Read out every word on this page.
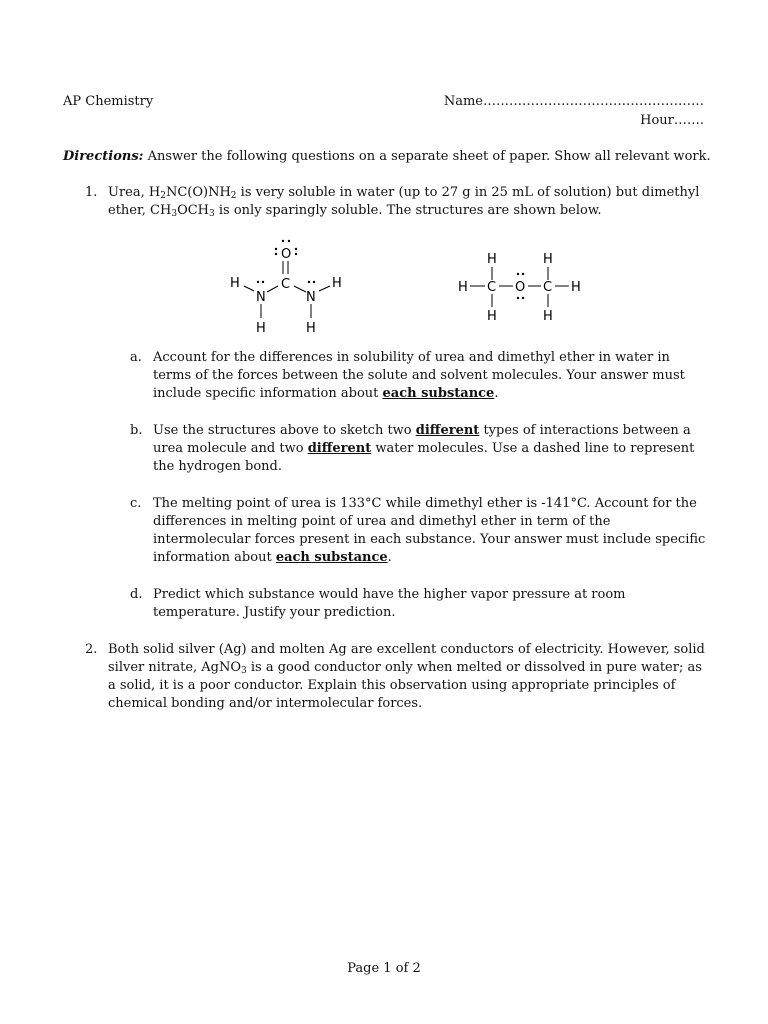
AP Chemistry	Name……………………………………………
Hour…….
Directions: Answer the following questions on a separate sheet of paper. Show all relevant work.
1. Urea, $H_2NC(O)NH_2$ is very soluble in water (up to 27 g in 25 mL of solution) but dimethyl
ether, $CH_3OCH_3$ is only sparingly soluble. The structures are shown below.
O
C
N
H
H
N
H
H
H	H
H C O C H
H	H
a. Account for the differences in solubility of urea and dimethyl ether in water in terms of the forces between the solute and solvent molecules. Your answer must include specific information about each substance.
b. Use the structures above to sketch two different types of interactions between a urea molecule and two different water molecules. Use a dashed line to represent the hydrogen bond.
c. The melting point of urea is 133°C while dimethyl ether is -141°C. Account for the differences in melting point of urea and dimethyl ether in term of the intermolecular forces present in each substance. Your answer must include specific information about each substance.
d. Predict which substance would have the higher vapor pressure at room temperature. Justify your prediction.
2. Both solid silver (Ag) and molten Ag are excellent conductors of electricity. However, solid silver nitrate, AgNO$_3$ is a good conductor only when melted or dissolved in pure water; as a solid, it is a poor conductor. Explain this observation using appropriate principles of chemical bonding and/or intermolecular forces.
Page 1 of 2
